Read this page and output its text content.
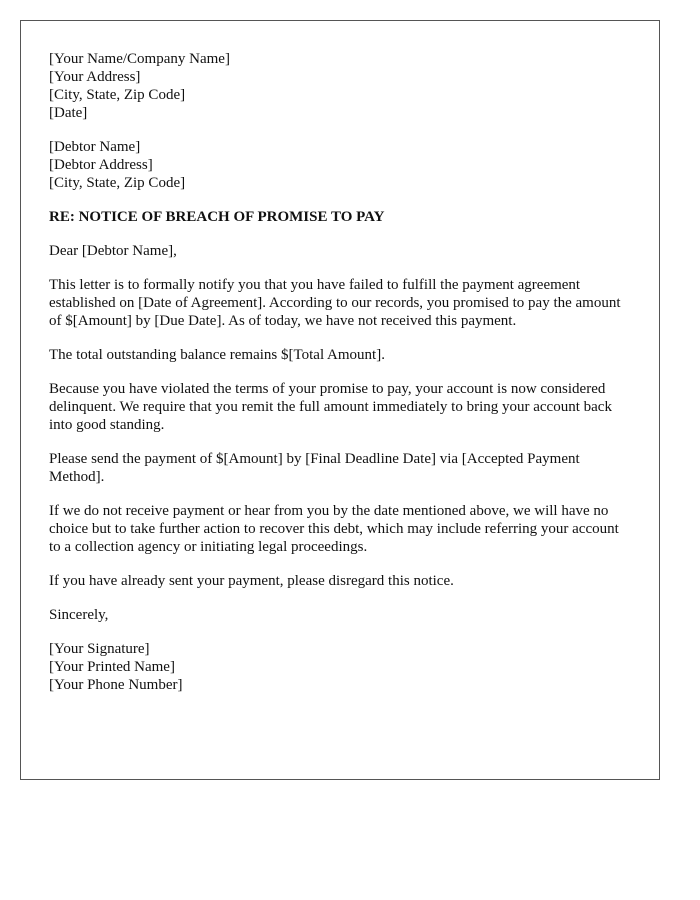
[Your Name/Company Name]
[Your Address]
[City, State, Zip Code]
[Date]
[Debtor Name]
[Debtor Address]
[City, State, Zip Code]
RE: NOTICE OF BREACH OF PROMISE TO PAY

Dear [Debtor Name],

This letter is to formally notify you that you have failed to fulfill the payment agreement established on [Date of Agreement]. According to our records, you promised to pay the amount of $[Amount] by [Due Date]. As of today, we have not received this payment.

The total outstanding balance remains $[Total Amount].

Because you have violated the terms of your promise to pay, your account is now considered delinquent. We require that you remit the full amount immediately to bring your account back into good standing.

Please send the payment of $[Amount] by [Final Deadline Date] via [Accepted Payment Method].

If we do not receive payment or hear from you by the date mentioned above, we will have no choice but to take further action to recover this debt, which may include referring your account to a collection agency or initiating legal proceedings.

If you have already sent your payment, please disregard this notice.

Sincerely,

[Your Signature]
[Your Printed Name]
[Your Phone Number]
